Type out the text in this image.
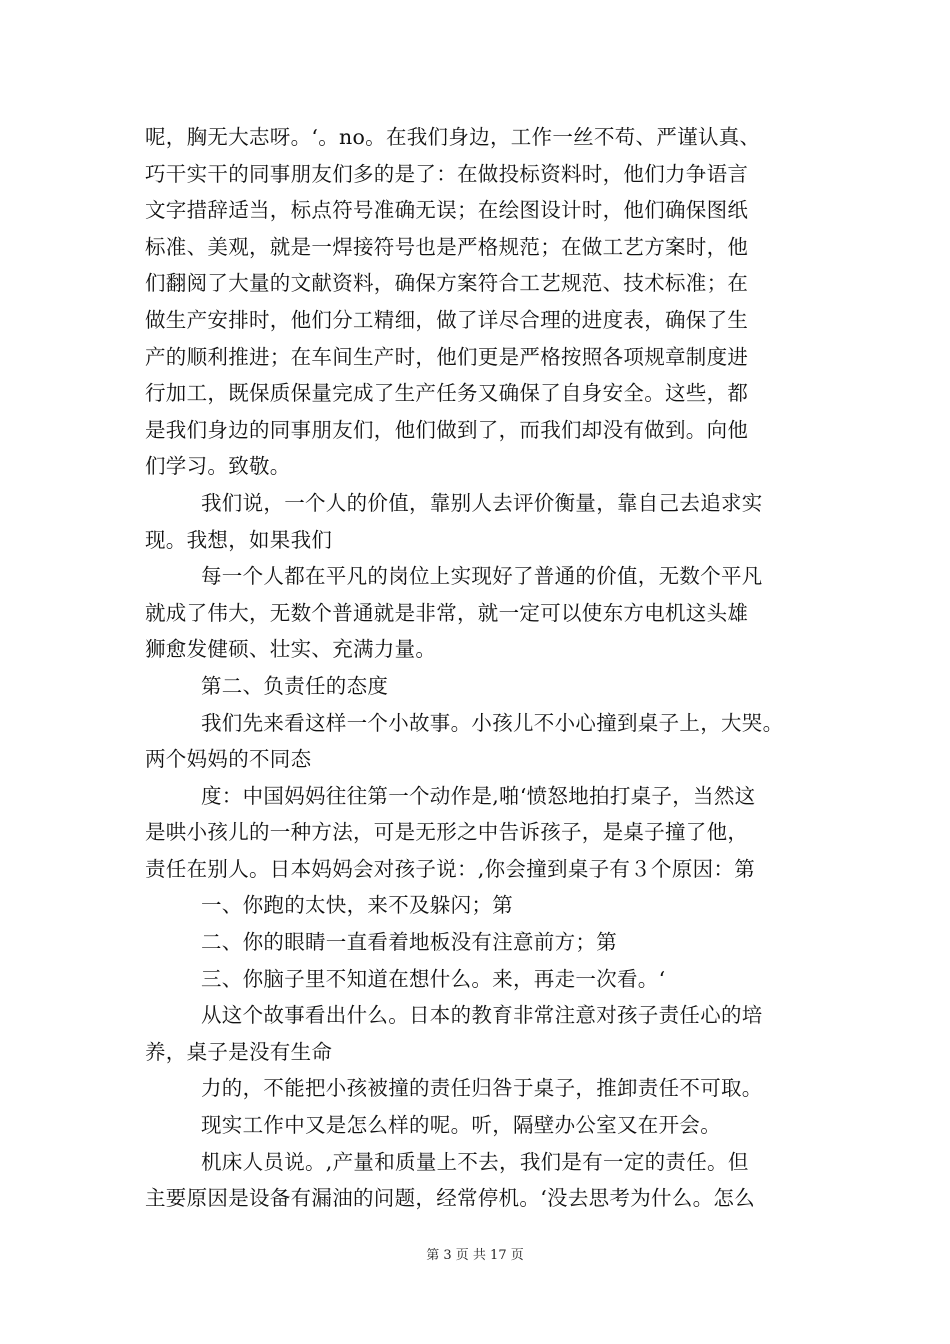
呢，胸无大志呀。‘。no。在我们身边，工作一丝不苟、严谨认真、
巧干实干的同事朋友们多的是了：在做投标资料时，他们力争语言
文字措辞适当，标点符号准确无误；在绘图设计时，他们确保图纸
标准、美观，就是一焊接符号也是严格规范；在做工艺方案时，他
们翻阅了大量的文献资料，确保方案符合工艺规范、技术标准；在
做生产安排时，他们分工精细，做了详尽合理的进度表，确保了生
产的顺利推进；在车间生产时，他们更是严格按照各项规章制度进
行加工，既保质保量完成了生产任务又确保了自身安全。这些，都
是我们身边的同事朋友们，他们做到了，而我们却没有做到。向他
们学习。致敬。
我们说，一个人的价值，靠别人去评价衡量，靠自己去追求实
现。我想，如果我们
每一个人都在平凡的岗位上实现好了普通的价值，无数个平凡
就成了伟大，无数个普通就是非常，就一定可以使东方电机这头雄
狮愈发健硕、壮实、充满力量。
第二、负责任的态度
我们先来看这样一个小故事。小孩儿不小心撞到桌子上，大哭。
两个妈妈的不同态
度：中国妈妈往往第一个动作是,啪‘愤怒地拍打桌子，当然这
是哄小孩儿的一种方法，可是无形之中告诉孩子，是桌子撞了他，
责任在别人。日本妈妈会对孩子说：,你会撞到桌子有３个原因：第
一、你跑的太快，来不及躲闪；第
二、你的眼睛一直看着地板没有注意前方；第
三、你脑子里不知道在想什么。来，再走一次看。‘
从这个故事看出什么。日本的教育非常注意对孩子责任心的培
养，桌子是没有生命
力的，不能把小孩被撞的责任归咎于桌子，推卸责任不可取。
现实工作中又是怎么样的呢。听，隔壁办公室又在开会。
机床人员说。,产量和质量上不去，我们是有一定的责任。但
主要原因是设备有漏油的问题，经常停机。‘没去思考为什么。怎么
第 3 页 共 17 页
